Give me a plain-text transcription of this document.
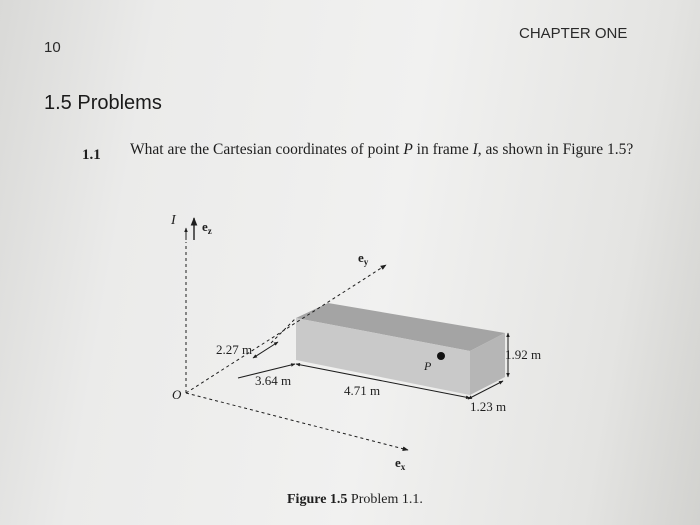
CHAPTER ONE
10
1.5 Problems
1.1 What are the Cartesian coordinates of point P in frame I, as shown in Figure 1.5?
I $e_z$
$e_y$
$e_x$
O
P
2.27 m
3.64 m
4.71 m
1.92 m
1.23 m
Figure 1.5 Problem 1.1.
